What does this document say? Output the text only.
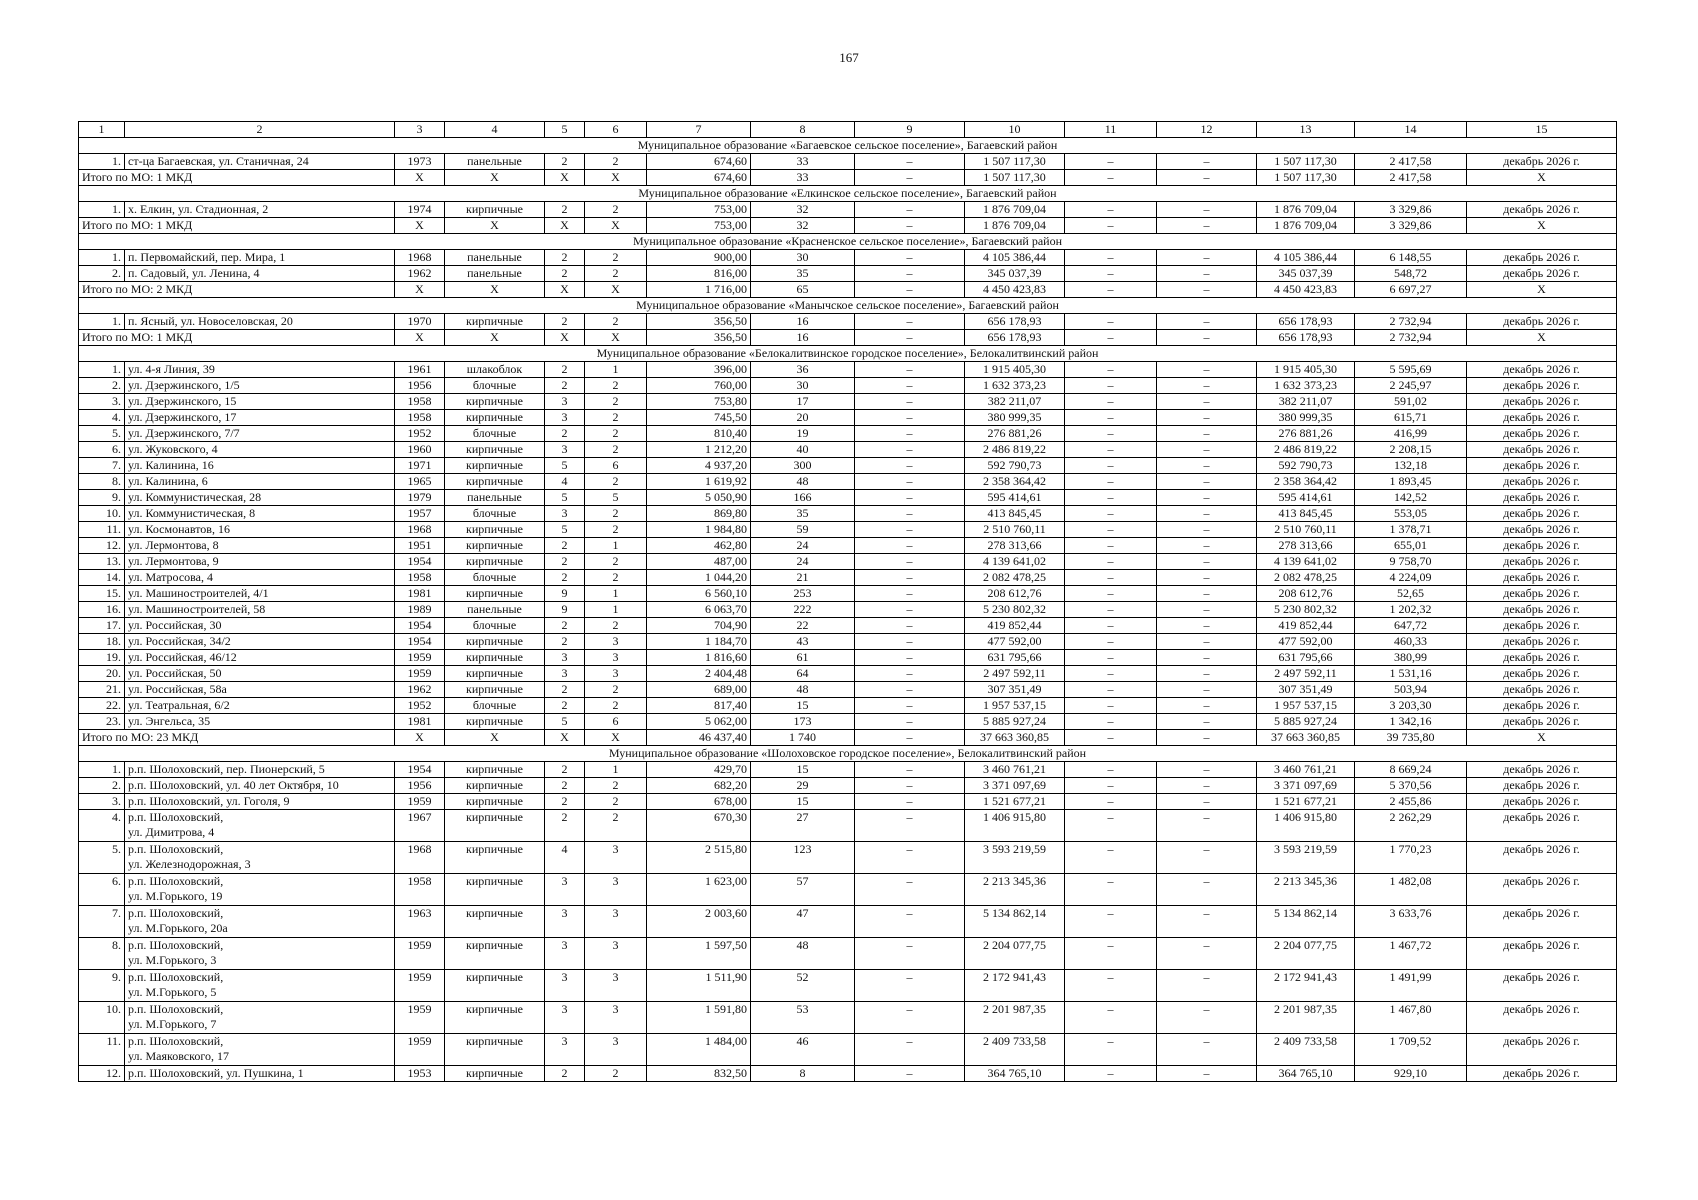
167
1	2	3	4	5	6	7	8	9	10	11	12	13	14	15
Муниципальное образование «Багаевское сельское поселение», Багаевский район														
1.	ст-ца Багаевская, ул. Станичная, 24	1973	панельные	2	2	674,60	33	–	1 507 117,30	–	–	1 507 117,30	2 417,58	декабрь 2026 г.
Итого по МО: 1 МКД		Х	Х	Х	Х	674,60	33	–	1 507 117,30	–	–	1 507 117,30	2 417,58	Х
Муниципальное образование «Елкинское сельское поселение», Багаевский район														
1.	х. Елкин, ул. Стадионная, 2	1974	кирпичные	2	2	753,00	32	–	1 876 709,04	–	–	1 876 709,04	3 329,86	декабрь 2026 г.
Итого по МО: 1 МКД		Х	Х	Х	Х	753,00	32	–	1 876 709,04	–	–	1 876 709,04	3 329,86	Х
Муниципальное образование «Красненское сельское поселение», Багаевский район														
1.	п. Первомайский, пер. Мира, 1	1968	панельные	2	2	900,00	30	–	4 105 386,44	–	–	4 105 386,44	6 148,55	декабрь 2026 г.
2.	п. Садовый, ул. Ленина, 4	1962	панельные	2	2	816,00	35	–	345 037,39	–	–	345 037,39	548,72	декабрь 2026 г.
Итого по МО: 2 МКД		Х	Х	Х	Х	1 716,00	65	–	4 450 423,83	–	–	4 450 423,83	6 697,27	Х
Муниципальное образование «Манычское сельское поселение», Багаевский район														
1.	п. Ясный, ул. Новоселовская, 20	1970	кирпичные	2	2	356,50	16	–	656 178,93	–	–	656 178,93	2 732,94	декабрь 2026 г.
Итого по МО: 1 МКД		Х	Х	Х	Х	356,50	16	–	656 178,93	–	–	656 178,93	2 732,94	Х
Муниципальное образование «Белокалитвинское городское поселение», Белокалитвинский район														
1.	ул. 4-я Линия, 39	1961	шлакоблок	2	1	396,00	36	–	1 915 405,30	–	–	1 915 405,30	5 595,69	декабрь 2026 г.
2.	ул. Дзержинского, 1/5	1956	блочные	2	2	760,00	30	–	1 632 373,23	–	–	1 632 373,23	2 245,97	декабрь 2026 г.
3.	ул. Дзержинского, 15	1958	кирпичные	3	2	753,80	17	–	382 211,07	–	–	382 211,07	591,02	декабрь 2026 г.
4.	ул. Дзержинского, 17	1958	кирпичные	3	2	745,50	20	–	380 999,35	–	–	380 999,35	615,71	декабрь 2026 г.
5.	ул. Дзержинского, 7/7	1952	блочные	2	2	810,40	19	–	276 881,26	–	–	276 881,26	416,99	декабрь 2026 г.
6.	ул. Жуковского, 4	1960	кирпичные	3	2	1 212,20	40	–	2 486 819,22	–	–	2 486 819,22	2 208,15	декабрь 2026 г.
7.	ул. Калинина, 16	1971	кирпичные	5	6	4 937,20	300	–	592 790,73	–	–	592 790,73	132,18	декабрь 2026 г.
8.	ул. Калинина, 6	1965	кирпичные	4	2	1 619,92	48	–	2 358 364,42	–	–	2 358 364,42	1 893,45	декабрь 2026 г.
9.	ул. Коммунистическая, 28	1979	панельные	5	5	5 050,90	166	–	595 414,61	–	–	595 414,61	142,52	декабрь 2026 г.
10.	ул. Коммунистическая, 8	1957	блочные	3	2	869,80	35	–	413 845,45	–	–	413 845,45	553,05	декабрь 2026 г.
11.	ул. Космонавтов, 16	1968	кирпичные	5	2	1 984,80	59	–	2 510 760,11	–	–	2 510 760,11	1 378,71	декабрь 2026 г.
12.	ул. Лермонтова, 8	1951	кирпичные	2	1	462,80	24	–	278 313,66	–	–	278 313,66	655,01	декабрь 2026 г.
13.	ул. Лермонтова, 9	1954	кирпичные	2	2	487,00	24	–	4 139 641,02	–	–	4 139 641,02	9 758,70	декабрь 2026 г.
14.	ул. Матросова, 4	1958	блочные	2	2	1 044,20	21	–	2 082 478,25	–	–	2 082 478,25	4 224,09	декабрь 2026 г.
15.	ул. Машиностроителей, 4/1	1981	кирпичные	9	1	6 560,10	253	–	208 612,76	–	–	208 612,76	52,65	декабрь 2026 г.
16.	ул. Машиностроителей, 58	1989	панельные	9	1	6 063,70	222	–	5 230 802,32	–	–	5 230 802,32	1 202,32	декабрь 2026 г.
17.	ул. Российская, 30	1954	блочные	2	2	704,90	22	–	419 852,44	–	–	419 852,44	647,72	декабрь 2026 г.
18.	ул. Российская, 34/2	1954	кирпичные	2	3	1 184,70	43	–	477 592,00	–	–	477 592,00	460,33	декабрь 2026 г.
19.	ул. Российская, 46/12	1959	кирпичные	3	3	1 816,60	61	–	631 795,66	–	–	631 795,66	380,99	декабрь 2026 г.
20.	ул. Российская, 50	1959	кирпичные	3	3	2 404,48	64	–	2 497 592,11	–	–	2 497 592,11	1 531,16	декабрь 2026 г.
21.	ул. Российская, 58а	1962	кирпичные	2	2	689,00	48	–	307 351,49	–	–	307 351,49	503,94	декабрь 2026 г.
22.	ул. Театральная, 6/2	1952	блочные	2	2	817,40	15	–	1 957 537,15	–	–	1 957 537,15	3 203,30	декабрь 2026 г.
23.	ул. Энгельса, 35	1981	кирпичные	5	6	5 062,00	173	–	5 885 927,24	–	–	5 885 927,24	1 342,16	декабрь 2026 г.
Итого по МО: 23 МКД		Х	Х	Х	Х	46 437,40	1 740	–	37 663 360,85	–	–	37 663 360,85	39 735,80	Х
Муниципальное образование «Шолоховское городское поселение», Белокалитвинский район														
1.	р.п. Шолоховский, пер. Пионерский, 5	1954	кирпичные	2	1	429,70	15	–	3 460 761,21	–	–	3 460 761,21	8 669,24	декабрь 2026 г.
2.	р.п. Шолоховский, ул. 40 лет Октября, 10	1956	кирпичные	2	2	682,20	29	–	3 371 097,69	–	–	3 371 097,69	5 370,56	декабрь 2026 г.
3.	р.п. Шолоховский, ул. Гоголя, 9	1959	кирпичные	2	2	678,00	15	–	1 521 677,21	–	–	1 521 677,21	2 455,86	декабрь 2026 г.
4.	р.п. Шолоховский,
ул. Димитрова, 4	1967	кирпичные	2	2	670,30	27	–	1 406 915,80	–	–	1 406 915,80	2 262,29	декабрь 2026 г.
5.	р.п. Шолоховский,
ул. Железнодорожная, 3	1968	кирпичные	4	3	2 515,80	123	–	3 593 219,59	–	–	3 593 219,59	1 770,23	декабрь 2026 г.
6.	р.п. Шолоховский,
ул. М.Горького, 19	1958	кирпичные	3	3	1 623,00	57	–	2 213 345,36	–	–	2 213 345,36	1 482,08	декабрь 2026 г.
7.	р.п. Шолоховский,
ул. М.Горького, 20а	1963	кирпичные	3	3	2 003,60	47	–	5 134 862,14	–	–	5 134 862,14	3 633,76	декабрь 2026 г.
8.	р.п. Шолоховский,
ул. М.Горького, 3	1959	кирпичные	3	3	1 597,50	48	–	2 204 077,75	–	–	2 204 077,75	1 467,72	декабрь 2026 г.
9.	р.п. Шолоховский,
ул. М.Горького, 5	1959	кирпичные	3	3	1 511,90	52	–	2 172 941,43	–	–	2 172 941,43	1 491,99	декабрь 2026 г.
10.	р.п. Шолоховский,
ул. М.Горького, 7	1959	кирпичные	3	3	1 591,80	53	–	2 201 987,35	–	–	2 201 987,35	1 467,80	декабрь 2026 г.
11.	р.п. Шолоховский,
ул. Маяковского, 17	1959	кирпичные	3	3	1 484,00	46	–	2 409 733,58	–	–	2 409 733,58	1 709,52	декабрь 2026 г.
12.	р.п. Шолоховский, ул. Пушкина, 1	1953	кирпичные	2	2	832,50	8	–	364 765,10	–	–	364 765,10	929,10	декабрь 2026 г.
